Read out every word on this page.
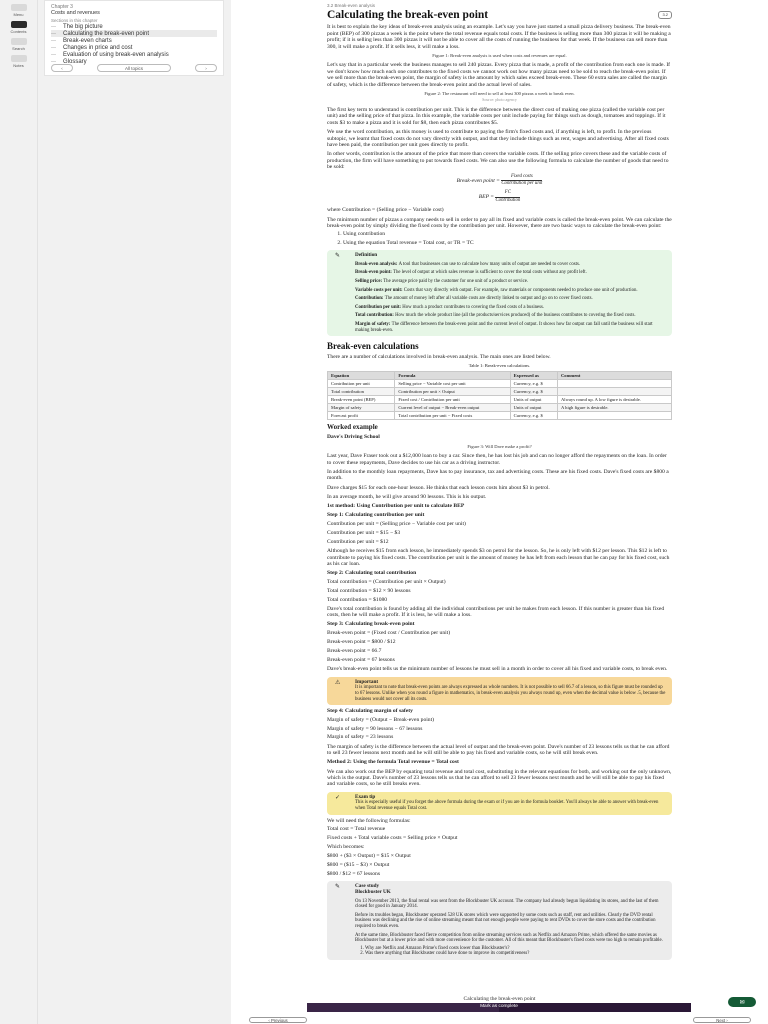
Menu
Contents
Search
Notes
Chapter 3
Costs and revenues
Sections in this chapter
—	The big picture
—	Calculating the break-even point
—	Break-even charts
—	Changes in price and cost
—	Evaluation of using break-even analysis
—	Glossary
‹	All topics	›
3.2 Break-even analysis
Calculating the break-even point	3.2

It is best to explain the key ideas of break-even analysis using an example. Let's say you have just started a small pizza delivery business. The break-even point (BEP) of 300 pizzas a week is the point where the total revenue equals total costs. If the business is selling more than 300 pizzas it will be making a profit; if it is selling less than 300 pizzas it will not be able to cover all the costs of running the business for that week. If the business can sell more than 300, it will make a profit. If it sells less, it will make a loss.

Figure 1: Break-even analysis is used when costs and revenues are equal.

Let's say that in a particular week the business manages to sell 240 pizzas. Every pizza that is made, a profit of the contribution from each one is made. If we don't know how much each one contributes to the fixed costs we cannot work out how many pizzas need to be sold to reach the break-even point. If we sell more than the break-even point, the margin of safety is the amount by which sales exceed break-even. These 60 extra sales are called the margin of safety, which is the difference between the break-even point and the actual level of sales.

Figure 2: The restaurant will need to sell at least 300 pizzas a week to break even.
Source: photo agency

The first key term to understand is contribution per unit. This is the difference between the direct cost of making one pizza (called the variable cost per unit) and the selling price of that pizza. In this example, the variable costs per unit include paying for things such as dough, tomatoes and toppings. If it costs $3 to make a pizza and it is sold for $8, then each pizza contributes $5.

We use the word contribution, as this money is used to contribute to paying the firm's fixed costs and, if anything is left, to profit. In the previous subtopic, we learnt that fixed costs do not vary directly with output, and that they include things such as rent, wages and advertising. After all fixed costs have been paid, the contribution per unit goes directly to profit.

In other words, contribution is the amount of the price that more than covers the variable costs. If the selling price covers these and the variable costs of production, the firm will have something to put towards fixed costs. We can also use the following formula to calculate the number of goods that need to be sold:

Break-even point = $\frac{\text{Fixed costs}}{\text{Contribution per unit}}$
BEP = $\frac{FC}{\text{Contribution}}$

where Contribution = (Selling price − Variable cost)

The minimum number of pizzas a company needs to sell in order to pay all its fixed and variable costs is called the break-even point. We can calculate the break-even point by simply dividing the fixed costs by the contribution per unit. However, there are two basic ways to calculate the break-even point:

1. Using contribution
2. Using the equation Total revenue = Total cost, or TR = TC
✎	Definition

Break-even analysis: A tool that businesses can use to calculate how many units of output are needed to cover costs.

Break-even point: The level of output at which sales revenue is sufficient to cover the total costs without any profit left.

Selling price: The average price paid by the customer for one unit of a product or service.

Variable costs per unit: Costs that vary directly with output. For example, raw materials or components needed to produce one unit of production.

Contribution: The amount of money left after all variable costs are directly linked to output and go on to cover fixed costs.

Contribution per unit: How much a product contributes to covering the fixed costs of a business.

Total contribution: How much the whole product line (all the products/services produced) of the business contributes to covering the fixed costs.

Margin of safety: The difference between the break-even point and the current level of output. It shows how far output can fall until the business will start making break-even.

Break-even calculations

There are a number of calculations involved in break-even analysis. The main ones are listed below.

Table 1: Break-even calculations.
Equation	Formula	Expressed as	Comment
Contribution per unit	Selling price − Variable cost per unit	Currency, e.g. $	
Total contribution	Contribution per unit × Output	Currency, e.g. $	
Break-even point (BEP)	Fixed cost / Contribution per unit	Units of output	Always round up. A low figure is desirable.
Margin of safety	Current level of output − Break-even output	Units of output	A high figure is desirable.
Forecast profit	Total contribution per unit − Fixed costs	Currency, e.g. $	
Worked example
Dave's Driving School
Figure 3: Will Dave make a profit?

Last year, Dave Fraser took out a $12,000 loan to buy a car. Since then, he has lost his job and can no longer afford the repayments on the loan. In order to cover these repayments, Dave decides to use his car as a driving instructor.

In addition to the monthly loan repayments, Dave has to pay insurance, tax and advertising costs. These are his fixed costs. Dave's fixed costs are $800 a month.

Dave charges $15 for each one-hour lesson. He thinks that each lesson costs him about $3 in petrol.

In an average month, he will give around 90 lessons. This is his output.

1st method: Using Contribution per unit to calculate BEP
Step 1: Calculating contribution per unit
Contribution per unit = (Selling price − Variable cost per unit)
Contribution per unit = $15 − $3
Contribution per unit = $12

Although he receives $15 from each lesson, he immediately spends $3 on petrol for the lesson. So, he is only left with $12 per lesson. This $12 is left to contribute to paying his fixed costs. The contribution per unit is the amount of money he has left from each lesson that he can pay for his fixed cost, such as his car loan.

Step 2: Calculating total contribution
Total contribution = (Contribution per unit × Output)
Total contribution = $12 × 90 lessons
Total contribution = $1080

Dave's total contribution is found by adding all the individual contributions per unit he makes from each lesson. If this number is greater than his fixed costs, then he will make a profit. If it is less, he will make a loss.

Step 3: Calculating break-even point
Break-even point = (Fixed cost / Contribution per unit)
Break-even point = $800 / $12
Break-even point = 66.7
Break-even point = 67 lessons

Dave's break-even point tells us the minimum number of lessons he must sell in a month in order to cover all his fixed and variable costs, to break even.

⚠	Important
It is important to note that break-even points are always expressed as whole numbers. It is not possible to sell 66.7 of a lesson, so this figure must be rounded up to 67 lessons. Unlike when you round a figure in mathematics, in break-even analysis you always round up, even when the decimal value is below .5, because the business would not cover all its costs.
Step 4: Calculating margin of safety
Margin of safety = (Output − Break-even point)
Margin of safety = 90 lessons − 67 lessons
Margin of safety = 23 lessons

The margin of safety is the difference between the actual level of output and the break-even point. Dave's number of 23 lessons tells us that he can afford to sell 23 fewer lessons next month and he will still be able to pay his fixed and variable costs, so he will still break even.

Method 2: Using the formula Total revenue = Total cost

We can also work out the BEP by equating total revenue and total cost, substituting in the relevant equations for both, and working out the only unknown, which is the output. Dave's number of 23 lessons tells us that he can afford to sell 23 fewer lessons next month and he will still be able to pay his fixed and variable costs, so he still breaks even.

✓	Exam tip
This is especially useful if you forget the above formula during the exam or if you are in the formula booklet. You'll always be able to answer with break-even when Total revenue equals Total cost.

We will need the following formulas:

Total cost = Total revenue
Fixed costs + Total variable costs = Selling price × Output
Which becomes:
$800 + ($3 × Output) = $15 × Output
$800 = ($15 − $3) × Output
$800 / $12 = 67 lessons
✎	Case study
Blockbuster UK

On 13 November 2013, the final rental was sent from the Blockbuster UK account. The company had already begun liquidating its stores, and the last of them closed for good in January 2014.

Before its troubles began, Blockbuster operated 528 UK stores which were supported by some costs such as staff, rent and utilities. Clearly the DVD rental business was declining and the rise of online streaming meant that not enough people were paying to rent DVDs to cover the store costs and the contribution required to break even.

At the same time, Blockbuster faced fierce competition from online streaming services such as Netflix and Amazon Prime, which offered the same movies as Blockbuster but at a lower price and with more convenience for the customer. All of this meant that Blockbuster's fixed costs were too high to remain profitable.

1. Why are Netflix and Amazon Prime's fixed costs lower than Blockbuster's?
2. Was there anything that Blockbuster could have done to improve its competitiveness?
Calculating the break-even point
Mark as complete
‹ Previous	Next ›
✉
